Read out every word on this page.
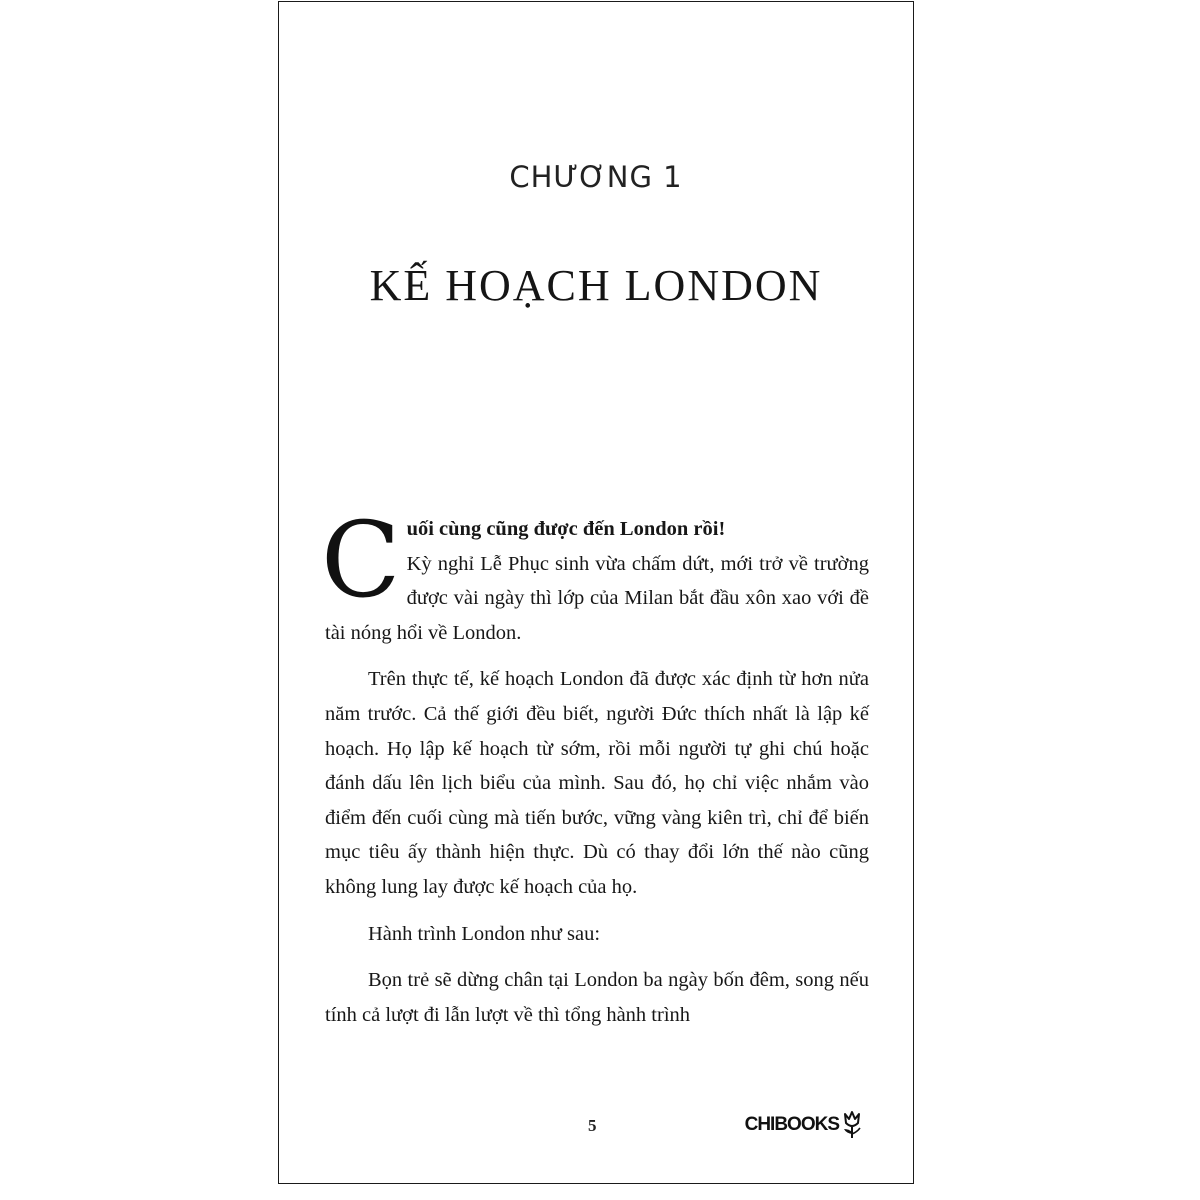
CHƯƠNG 1
KẾ HOẠCH LONDON

Cuối cùng cũng được đến London rồi!
Kỳ nghỉ Lễ Phục sinh vừa chấm dứt, mới trở về trường được vài ngày thì lớp của Milan bắt đầu xôn xao với đề tài nóng hổi về London.

Trên thực tế, kế hoạch London đã được xác định từ hơn nửa năm trước. Cả thế giới đều biết, người Đức thích nhất là lập kế hoạch. Họ lập kế hoạch từ sớm, rồi mỗi người tự ghi chú hoặc đánh dấu lên lịch biểu của mình. Sau đó, họ chỉ việc nhắm vào điểm đến cuối cùng mà tiến bước, vững vàng kiên trì, chỉ để biến mục tiêu ấy thành hiện thực. Dù có thay đổi lớn thế nào cũng không lung lay được kế hoạch của họ.

Hành trình London như sau:

Bọn trẻ sẽ dừng chân tại London ba ngày bốn đêm, song nếu tính cả lượt đi lẫn lượt về thì tổng hành trình

5	CHIBOOKS
